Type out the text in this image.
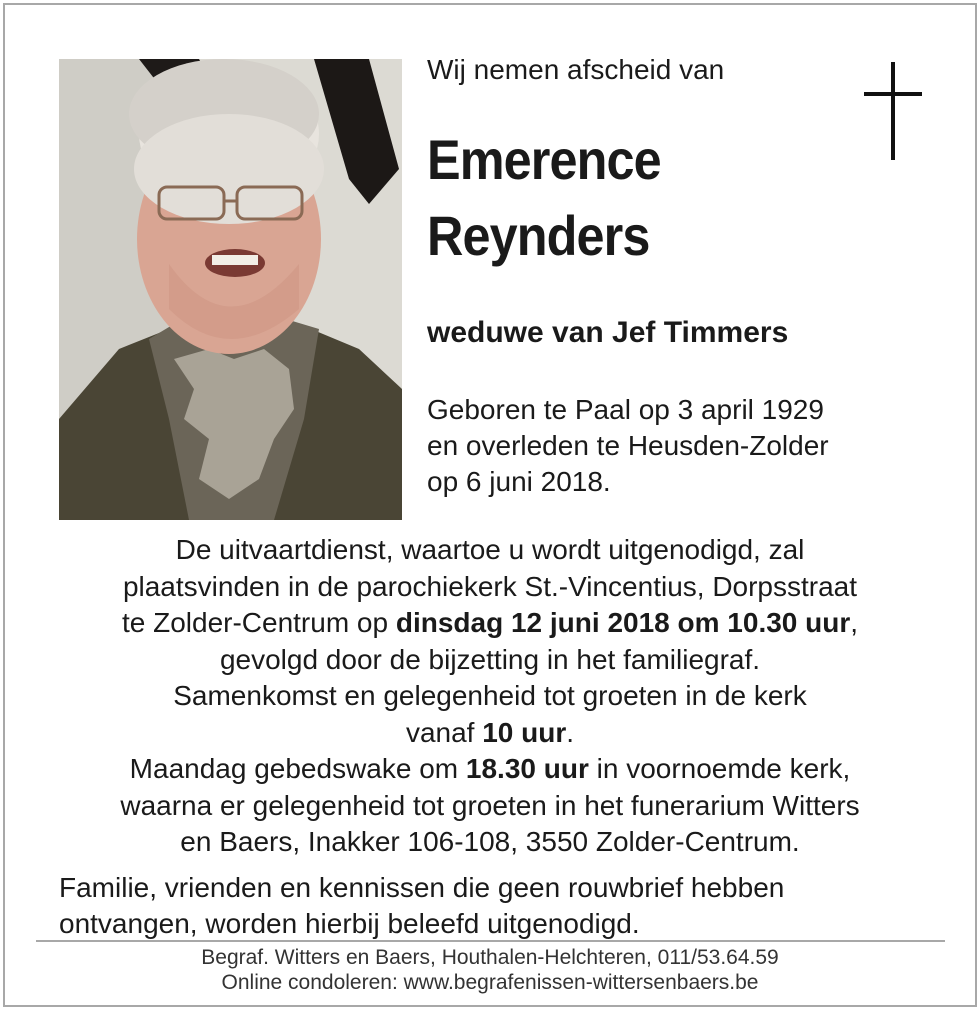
Wij nemen afscheid van
Emerence
Reynders
weduwe van Jef Timmers
Geboren te Paal op 3 april 1929
en overleden te Heusden-Zolder
op 6 juni 2018.
De uitvaartdienst, waartoe u wordt uitgenodigd, zal
plaatsvinden in de parochiekerk St.-Vincentius, Dorpsstraat
te Zolder-Centrum op dinsdag 12 juni 2018 om 10.30 uur,
gevolgd door de bijzetting in het familiegraf.
Samenkomst en gelegenheid tot groeten in de kerk
vanaf 10 uur.
Maandag gebedswake om 18.30 uur in voornoemde kerk,
waarna er gelegenheid tot groeten in het funerarium Witters
en Baers, Inakker 106-108, 3550 Zolder-Centrum.
Familie, vrienden en kennissen die geen rouwbrief hebben
ontvangen, worden hierbij beleefd uitgenodigd.
Begraf. Witters en Baers, Houthalen-Helchteren, 011/53.64.59
Online condoleren: www.begrafenissen-wittersenbaers.be
